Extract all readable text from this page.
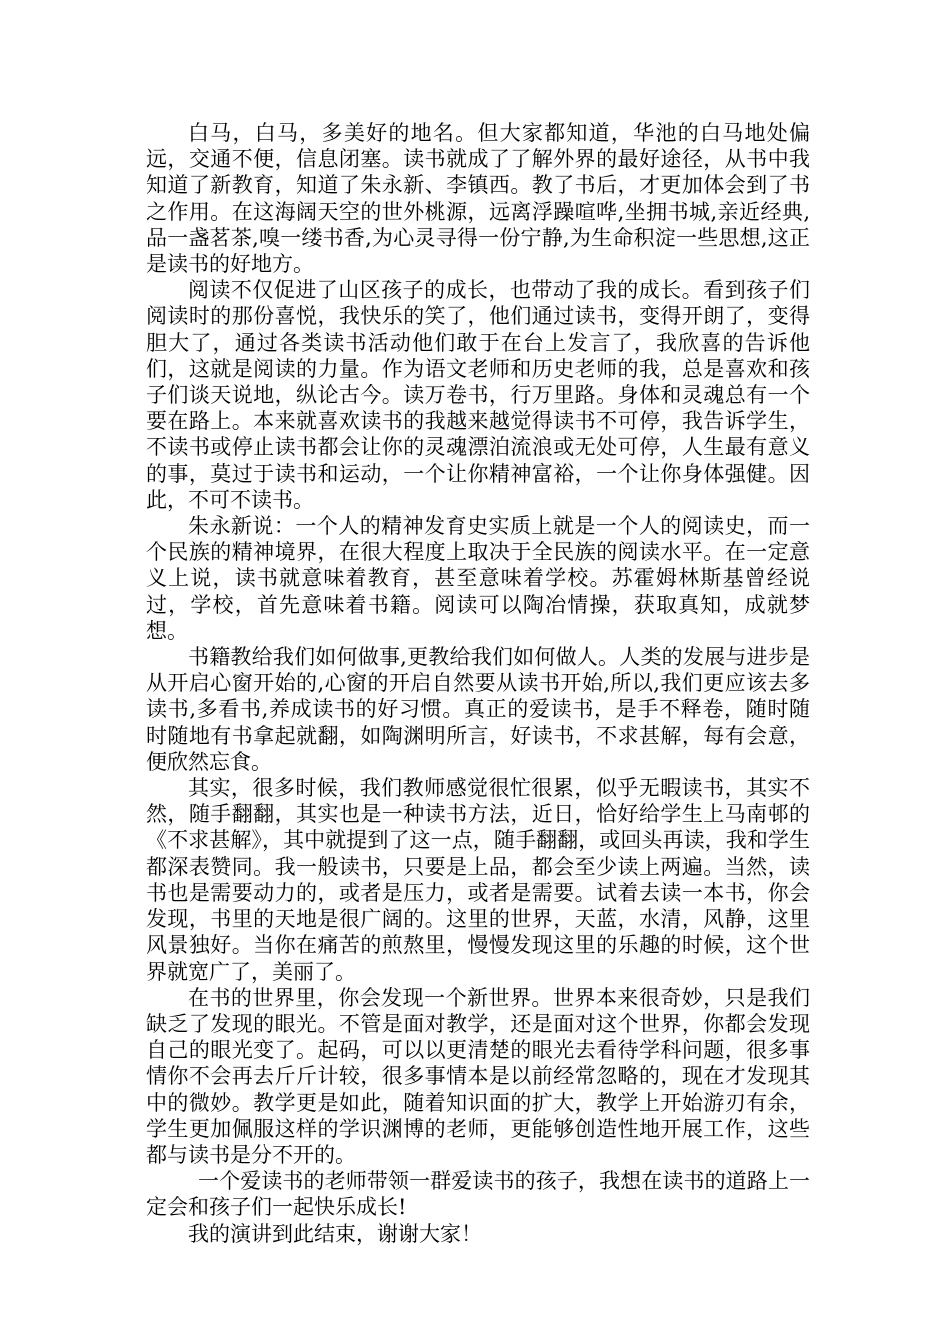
白马，白马，多美好的地名。但大家都知道，华池的白马地处偏远，交通不便，信息闭塞。读书就成了了解外界的最好途径，从书中我知道了新教育，知道了朱永新、李镇西。教了书后，才更加体会到了书之作用。在这海阔天空的世外桃源，远离浮躁喧哗,坐拥书城,亲近经典,品一盏茗茶,嗅一缕书香,为心灵寻得一份宁静,为生命积淀一些思想,这正是读书的好地方。

阅读不仅促进了山区孩子的成长，也带动了我的成长。看到孩子们阅读时的那份喜悦，我快乐的笑了，他们通过读书，变得开朗了，变得胆大了，通过各类读书活动他们敢于在台上发言了，我欣喜的告诉他们，这就是阅读的力量。作为语文老师和历史老师的我，总是喜欢和孩子们谈天说地，纵论古今。读万卷书，行万里路。身体和灵魂总有一个要在路上。本来就喜欢读书的我越来越觉得读书不可停，我告诉学生，不读书或停止读书都会让你的灵魂漂泊流浪或无处可停，人生最有意义的事，莫过于读书和运动，一个让你精神富裕，一个让你身体强健。因此，不可不读书。

朱永新说：一个人的精神发育史实质上就是一个人的阅读史，而一个民族的精神境界，在很大程度上取决于全民族的阅读水平。在一定意义上说，读书就意味着教育，甚至意味着学校。苏霍姆林斯基曾经说过，学校，首先意味着书籍。阅读可以陶冶情操，获取真知，成就梦想。

书籍教给我们如何做事,更教给我们如何做人。人类的发展与进步是从开启心窗开始的,心窗的开启自然要从读书开始,所以,我们更应该去多读书,多看书,养成读书的好习惯。真正的爱读书，是手不释卷，随时随时随地有书拿起就翻，如陶渊明所言，好读书，不求甚解，每有会意，便欣然忘食。

其实，很多时候，我们教师感觉很忙很累，似乎无暇读书，其实不然，随手翻翻，其实也是一种读书方法，近日，恰好给学生上马南邨的《不求甚解》，其中就提到了这一点，随手翻翻，或回头再读，我和学生都深表赞同。我一般读书，只要是上品，都会至少读上两遍。当然，读书也是需要动力的，或者是压力，或者是需要。试着去读一本书，你会发现，书里的天地是很广阔的。这里的世界，天蓝，水清，风静，这里风景独好。当你在痛苦的煎熬里，慢慢发现这里的乐趣的时候，这个世界就宽广了，美丽了。

在书的世界里，你会发现一个新世界。世界本来很奇妙，只是我们缺乏了发现的眼光。不管是面对教学，还是面对这个世界，你都会发现自己的眼光变了。起码，可以以更清楚的眼光去看待学科问题，很多事情你不会再去斤斤计较，很多事情本是以前经常忽略的，现在才发现其中的微妙。教学更是如此，随着知识面的扩大，教学上开始游刃有余，学生更加佩服这样的学识渊博的老师，更能够创造性地开展工作，这些都与读书是分不开的。

一个爱读书的老师带领一群爱读书的孩子，我想在读书的道路上一定会和孩子们一起快乐成长!

我的演讲到此结束，谢谢大家！
